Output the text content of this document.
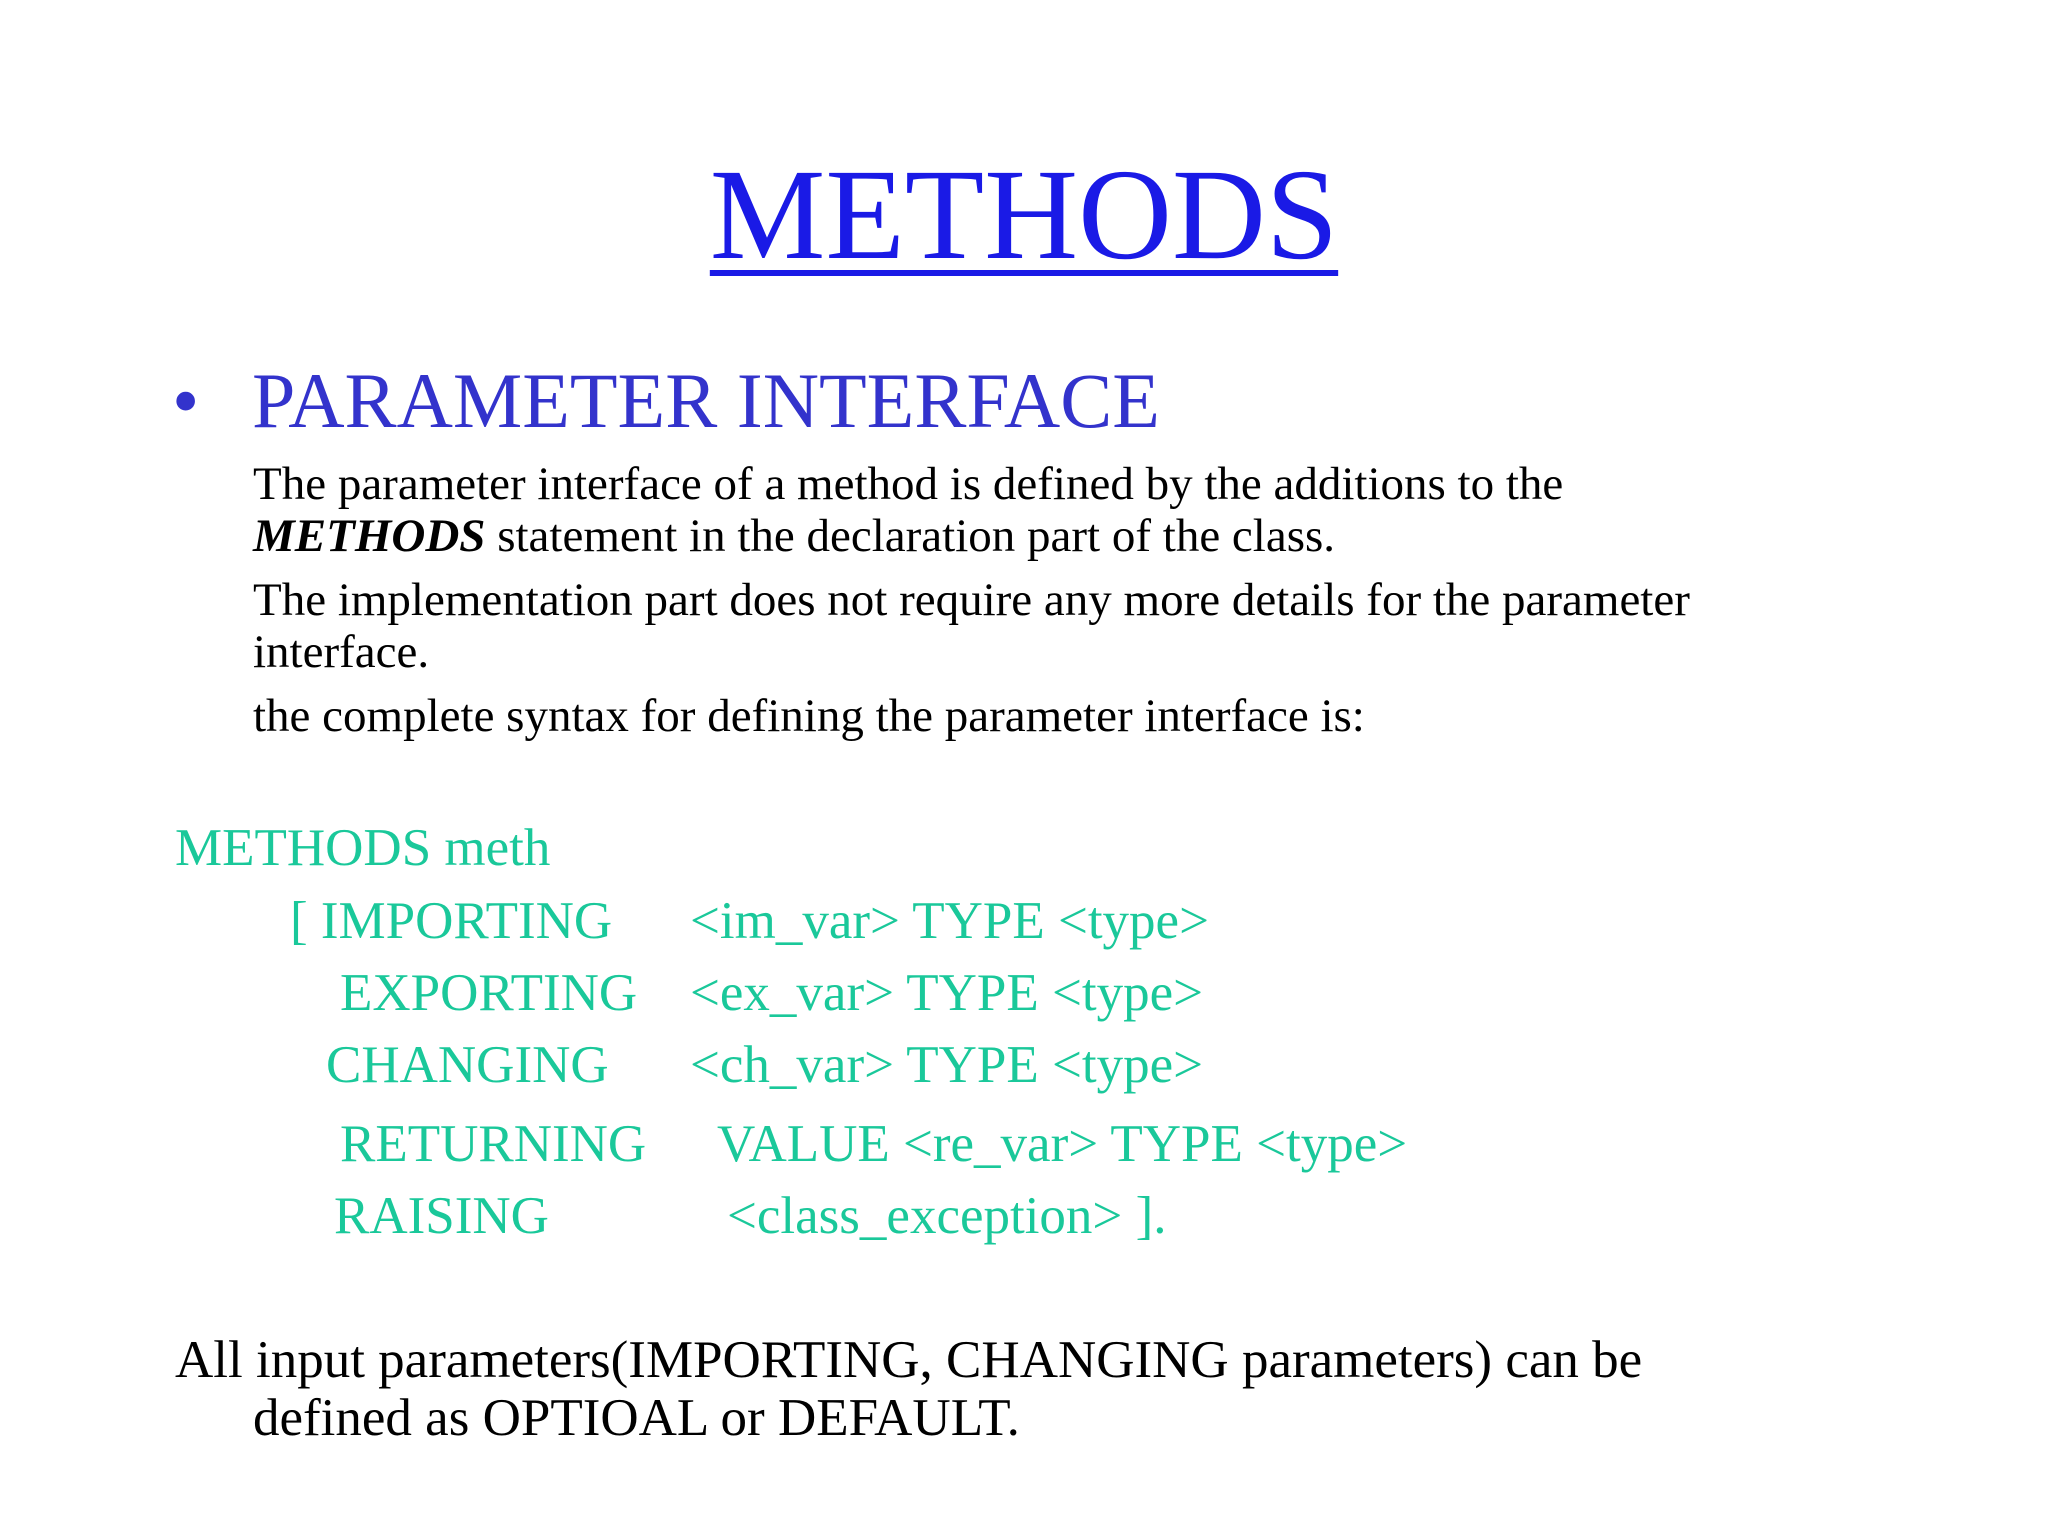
METHODS
• PARAMETER INTERFACE

The parameter interface of a method is defined by the additions to the
METHODS statement in the declaration part of the class.

The implementation part does not require any more details for the parameter
interface.

the complete syntax for defining the parameter interface is:

METHODS meth

[ IMPORTING <im_var> TYPE <type>

EXPORTING <ex_var> TYPE <type>

CHANGING <ch_var> TYPE <type>

RETURNING VALUE <re_var> TYPE <type>

RAISING	<class_exception> ].

All input parameters(IMPORTING, CHANGING parameters) can be
defined as OPTIOAL or DEFAULT.
